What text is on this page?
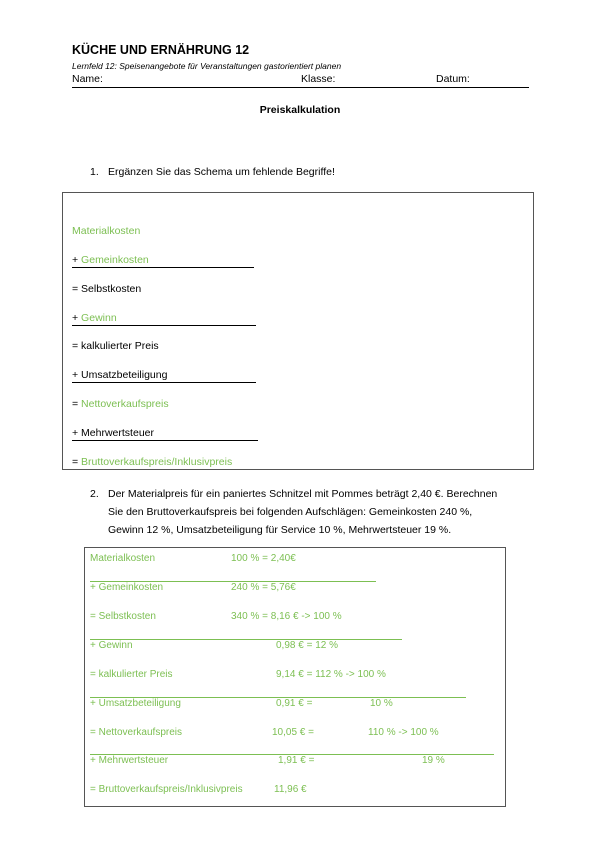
KÜCHE UND ERNÄHRUNG 12
Lernfeld 12: Speisenangebote für Veranstaltungen gastorientiert planen
Name:	Klasse:	Datum:
Preiskalkulation
1. Ergänzen Sie das Schema um fehlende Begriffe!
Materialkosten
+ Gemeinkosten
= Selbstkosten
+ Gewinn
= kalkulierter Preis
+ Umsatzbeteiligung
= Nettoverkaufspreis
+ Mehrwertsteuer
= Bruttoverkaufspreis/Inklusivpreis
2. Der Materialpreis für ein paniertes Schnitzel mit Pommes beträgt 2,40 €. Berechnen
Sie den Bruttoverkaufspreis bei folgenden Aufschlägen: Gemeinkosten 240 %,
Gewinn 12 %, Umsatzbeteiligung für Service 10 %, Mehrwertsteuer 19 %.
Materialkosten	100 % = 2,40€
+ Gemeinkosten	240 % = 5,76€
= Selbstkosten	340 % = 8,16 € -> 100 %
+ Gewinn	0,98 € = 12 %
= kalkulierter Preis	9,14 € = 112 % -> 100 %
+ Umsatzbeteiligung	0,91 € =	10 %
= Nettoverkaufspreis	10,05 € =	110 % -> 100 %
+ Mehrwertsteuer	1,91 € =	19 %
= Bruttoverkaufspreis/Inklusivpreis	11,96 €
